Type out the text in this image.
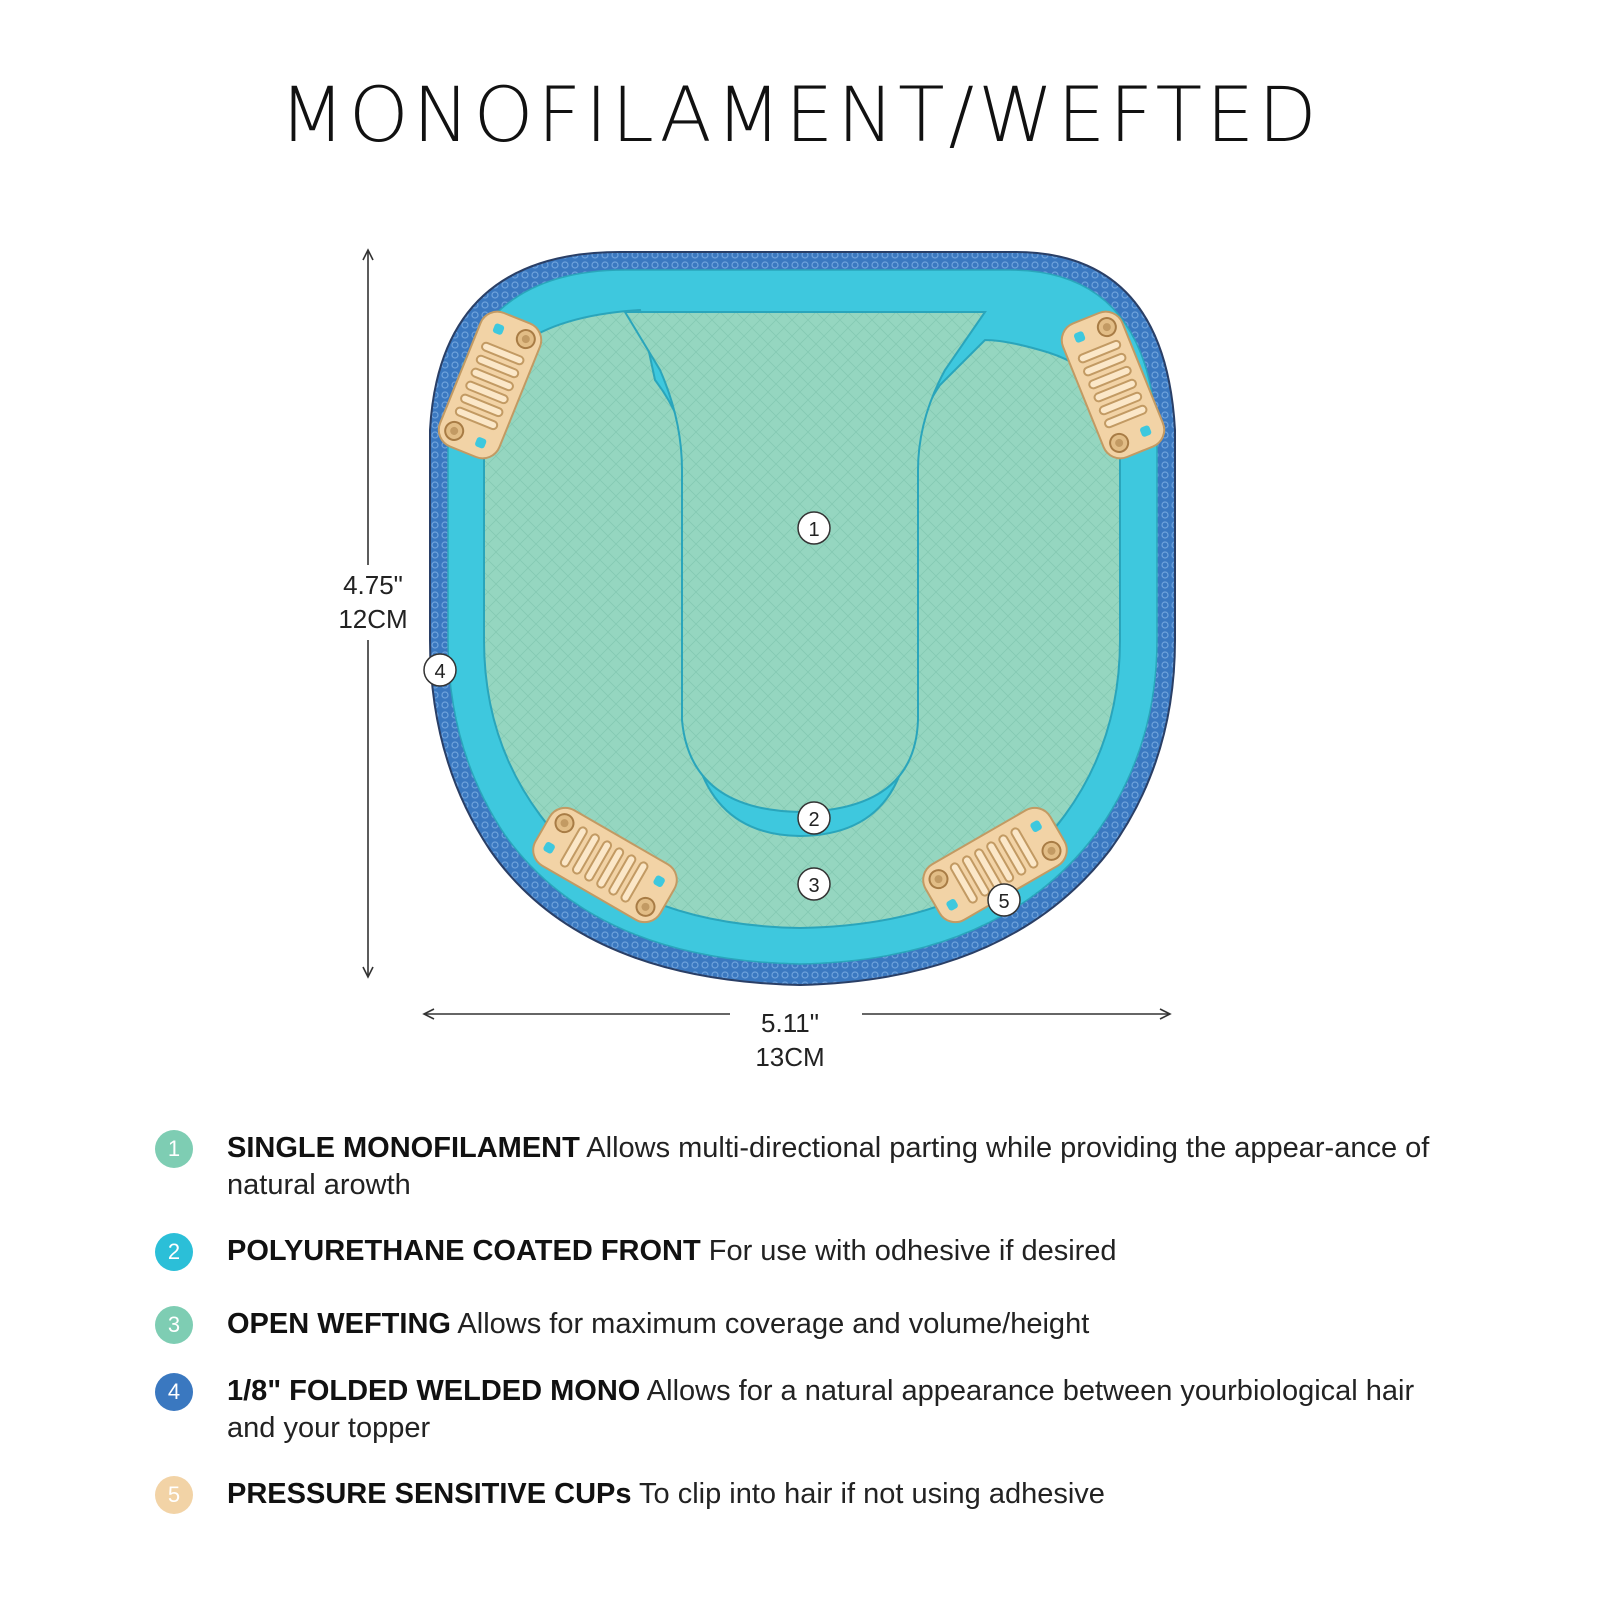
MONOFILAMENT/WEFTED
1
2
3
4
5
4.75"
12CM
5.11"
13CM
1	SINGLE MONOFILAMENT Allows multi-directional parting while providing the appear-ance of natural arowth
2	POLYURETHANE COATED FRONT For use with odhesive if desired
3	OPEN WEFTING Allows for maximum coverage and volume/height
4	1/8" FOLDED WELDED MONO Allows for a natural appearance between yourbiological hair and your topper
5	PRESSURE SENSITIVE CUPs To clip into hair if not using adhesive
